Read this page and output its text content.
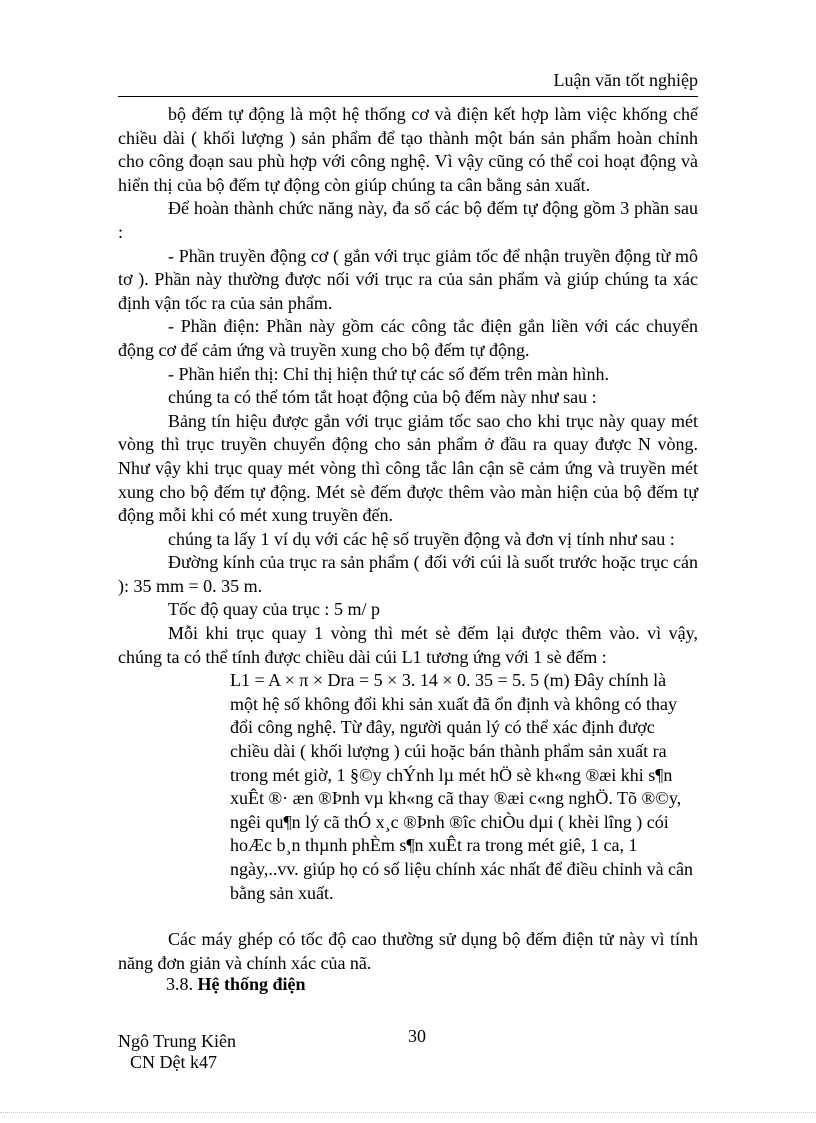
Luận văn tốt nghiệp

bộ đếm tự động là một hệ thống cơ và điện kết hợp làm việc khống chế chiều dài ( khối lượng ) sản phẩm để tạo thành một bán sản phẩm hoàn chỉnh cho công đoạn sau phù hợp với công nghệ. Vì vậy cũng có thể coi hoạt động và hiển thị của bộ đếm tự động còn giúp chúng ta cân bằng sản xuất.

Để hoàn thành chức năng này, đa số các bộ đếm tự động gồm 3 phần sau :

- Phần truyền động cơ ( gắn với trục giảm tốc để nhận truyền động từ mô tơ ). Phần này thường được nối với trục ra của sản phẩm và giúp chúng ta xác định vận tốc ra của sản phẩm.

- Phần điện: Phần này gồm các công tắc điện gắn liền với các chuyển động cơ để cảm ứng và truyền xung cho bộ đếm tự động.

- Phần hiển thị: Chỉ thị hiện thứ tự các số đếm trên màn hình.

chúng ta có thể tóm tắt hoạt động của bộ đếm này như sau :

Bảng tín hiệu được gắn với trục giảm tốc sao cho khi trục này quay mét vòng thì trục truyền chuyển động cho sản phẩm ở đầu ra quay được N vòng. Như vậy khi trục quay mét vòng thì công tắc lân cận sẽ cảm ứng và truyền mét xung cho bộ đếm tự động. Mét sè đếm được thêm vào màn hiện của bộ đếm tự động mỗi khi có mét xung truyền đến.

chúng ta lấy 1 ví dụ với các hệ số truyền động và đơn vị tính như sau :

Đường kính của trục ra sản phẩm ( đối với cúi là suốt trước hoặc trục cán ): 35 mm = 0. 35 m.

Tốc độ quay của trục : 5 m/ p

Mỗi khi trục quay 1 vòng thì mét sè đếm lại được thêm vào. vì vậy, chúng ta có thể tính được chiều dài cúi L1 tương ứng với 1 sè đếm :

L1 = A × π × Dra = 5 × 3. 14 × 0. 35 = 5. 5 (m) Đây chính là một hệ số không đổi khi sản xuất đã ổn định và không có thay đổi công nghệ. Từ đây, người quản lý có thể xác định được chiều dài ( khối lượng ) cúi hoặc bán thành phẩm sản xuất ra trong mét giờ, 1 §©y chÝnh lµ mét hÖ sè kh«ng ®æi khi s¶n xuÊt ®· æn ®Þnh vµ kh«ng cã thay ®æi c«ng nghÖ. Tõ ®©y, ngêi qu¶n lý cã thÓ x¸c ®Þnh ®îc chiÒu dµi ( khèi lîng ) cói hoÆc b¸n thµnh phÈm s¶n xuÊt ra trong mét giê, 1 ca, 1 ngày,..vv. giúp họ có số liệu chính xác nhất để điều chỉnh và cân bằng sản xuất.

Các máy ghép có tốc độ cao thường sử dụng bộ đếm điện tử này vì tính năng đơn giản và chính xác của nã.

3.8. Hệ thống điện
Ngô Trung Kiên
CN Dệt k47
30
